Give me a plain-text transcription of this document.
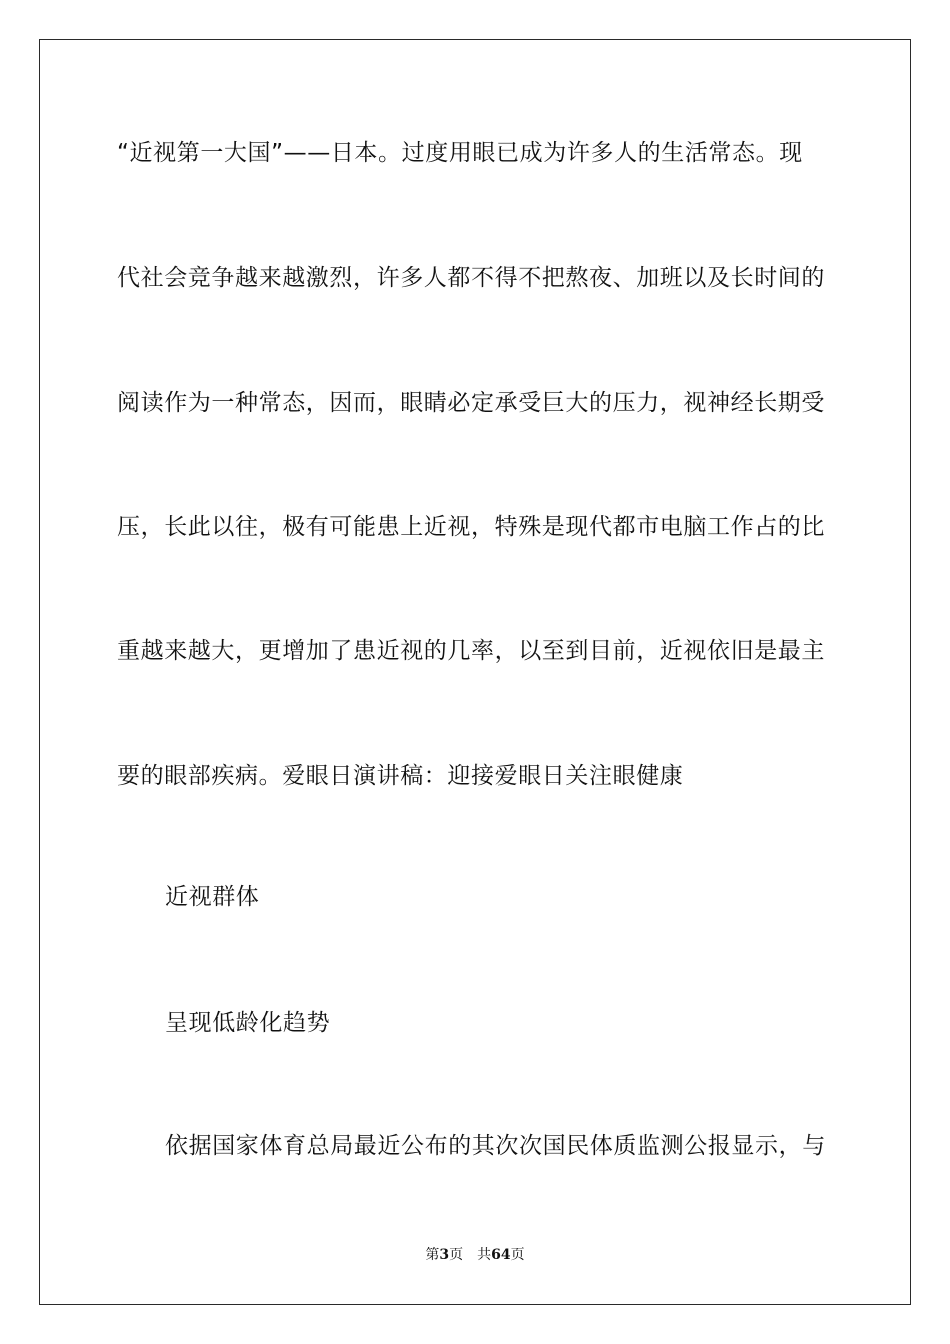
“近视第一大国”——日本。过度用眼已成为许多人的生活常态。现
代社会竞争越来越激烈，许多人都不得不把熬夜、加班以及长时间的
阅读作为一种常态，因而，眼睛必定承受巨大的压力，视神经长期受
压，长此以往，极有可能患上近视，特殊是现代都市电脑工作占的比
重越来越大，更增加了患近视的几率，以至到目前，近视依旧是最主
要的眼部疾病。爱眼日演讲稿：迎接爱眼日关注眼健康
近视群体
呈现低龄化趋势
依据国家体育总局最近公布的其次次国民体质监测公报显示，与
第3页 共64页
